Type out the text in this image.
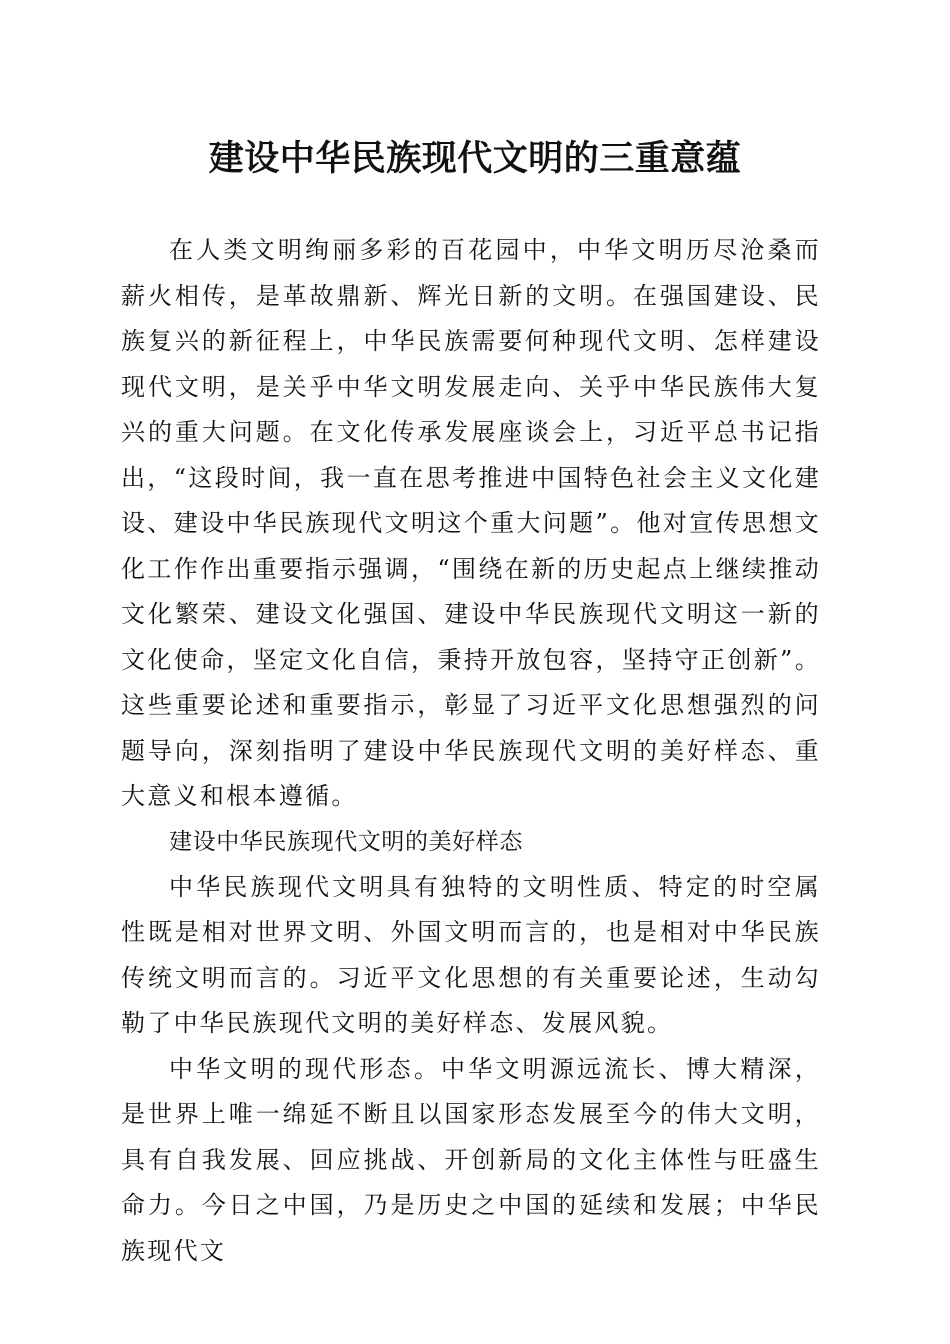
建设中华民族现代文明的三重意蕴

在人类文明绚丽多彩的百花园中，中华文明历尽沧桑而薪火相传，是革故鼎新、辉光日新的文明。在强国建设、民族复兴的新征程上，中华民族需要何种现代文明、怎样建设现代文明，是关乎中华文明发展走向、关乎中华民族伟大复兴的重大问题。在文化传承发展座谈会上，习近平总书记指出，“这段时间，我一直在思考推进中国特色社会主义文化建设、建设中华民族现代文明这个重大问题”。他对宣传思想文化工作作出重要指示强调，“围绕在新的历史起点上继续推动文化繁荣、建设文化强国、建设中华民族现代文明这一新的文化使命，坚定文化自信，秉持开放包容，坚持守正创新”。这些重要论述和重要指示，彰显了习近平文化思想强烈的问题导向，深刻指明了建设中华民族现代文明的美好样态、重大意义和根本遵循。

建设中华民族现代文明的美好样态

中华民族现代文明具有独特的文明性质、特定的时空属性既是相对世界文明、外国文明而言的，也是相对中华民族传统文明而言的。习近平文化思想的有关重要论述，生动勾勒了中华民族现代文明的美好样态、发展风貌。

中华文明的现代形态。中华文明源远流长、博大精深，是世界上唯一绵延不断且以国家形态发展至今的伟大文明，具有自我发展、回应挑战、开创新局的文化主体性与旺盛生命力。今日之中国，乃是历史之中国的延续和发展；中华民族现代文
